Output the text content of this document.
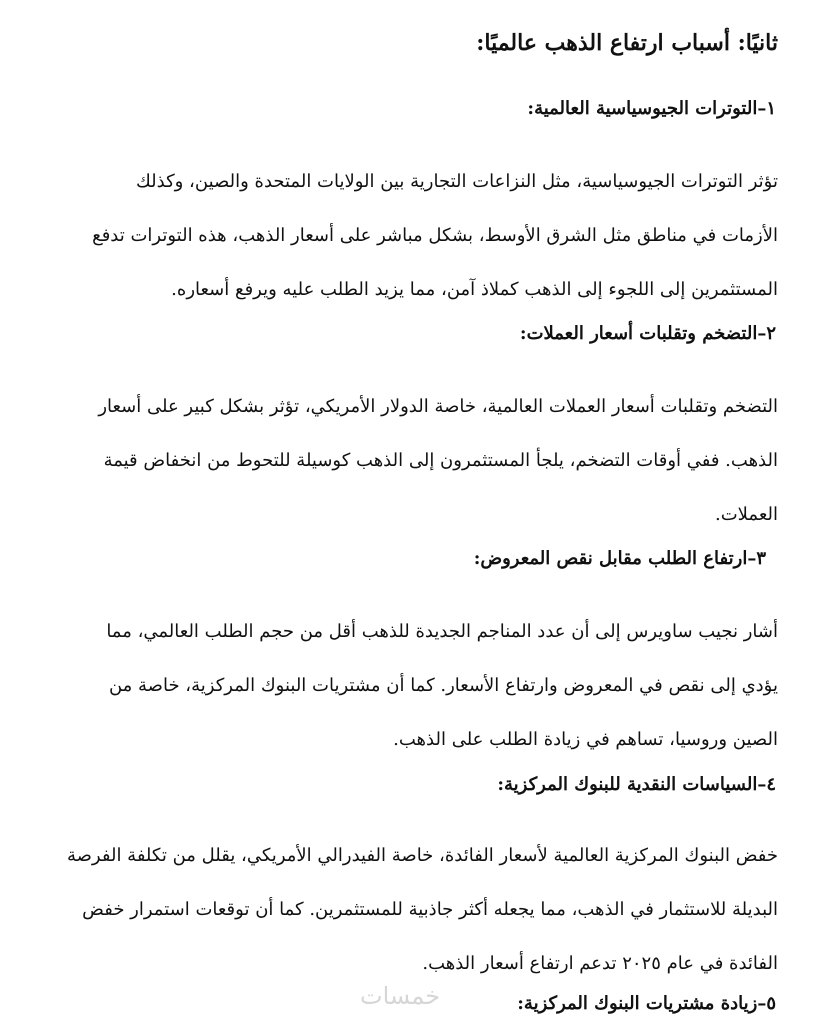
ثانيًا: أسباب ارتفاع الذهب عالميًا:
١–التوترات الجيوسياسية العالمية:

تؤثر التوترات الجيوسياسية، مثل النزاعات التجارية بين الولايات المتحدة والصين، وكذلك
الأزمات في مناطق مثل الشرق الأوسط، بشكل مباشر على أسعار الذهب، هذه التوترات تدفع
المستثمرين إلى اللجوء إلى الذهب كملاذ آمن، مما يزيد الطلب عليه ويرفع أسعاره.

٢–التضخم وتقلبات أسعار العملات:

التضخم وتقلبات أسعار العملات العالمية، خاصة الدولار الأمريكي، تؤثر بشكل كبير على أسعار
الذهب. ففي أوقات التضخم، يلجأ المستثمرون إلى الذهب كوسيلة للتحوط من انخفاض قيمة
العملات.

٣–ارتفاع الطلب مقابل نقص المعروض:

أشار نجيب ساويرس إلى أن عدد المناجم الجديدة للذهب أقل من حجم الطلب العالمي، مما
يؤدي إلى نقص في المعروض وارتفاع الأسعار. كما أن مشتريات البنوك المركزية، خاصة من
الصين وروسيا، تساهم في زيادة الطلب على الذهب.

٤–السياسات النقدية للبنوك المركزية:

خفض البنوك المركزية العالمية لأسعار الفائدة، خاصة الفيدرالي الأمريكي، يقلل من تكلفة الفرصة
البديلة للاستثمار في الذهب، مما يجعله أكثر جاذبية للمستثمرين. كما أن توقعات استمرار خفض
الفائدة في عام ٢٠٢٥ تدعم ارتفاع أسعار الذهب.

٥–زيادة مشتريات البنوك المركزية:
خمسات
